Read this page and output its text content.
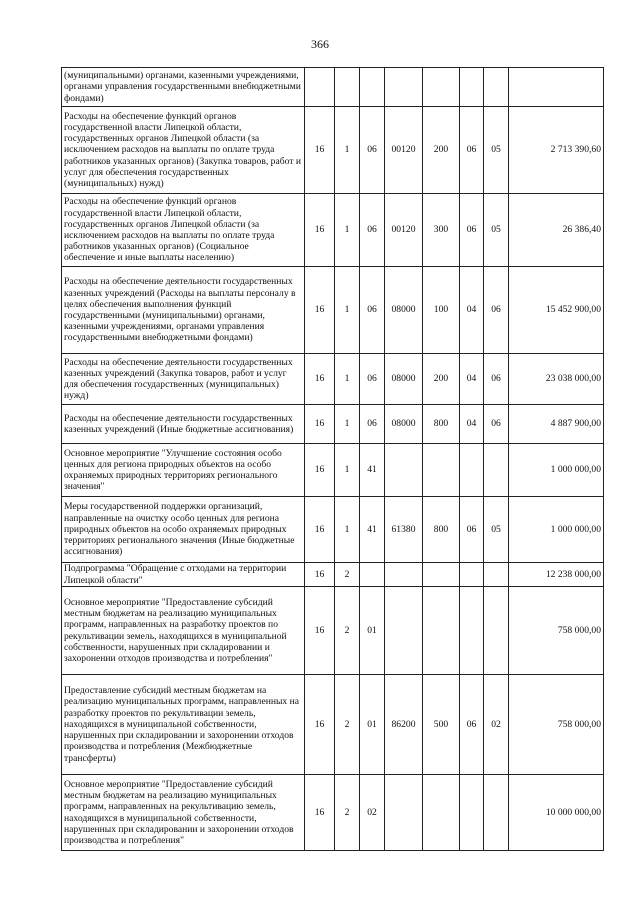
366
(муниципальными) органами, казенными учреждениями, органами управления государственными внебюджетными фондами)								
Расходы на обеспечение функций органов государственной власти Липецкой области, государственных органов Липецкой области (за исключением расходов на выплаты по оплате труда работников указанных органов) (Закупка товаров, работ и услуг для обеспечения государственных (муниципальных) нужд)	16	1	06	00120	200	06	05	2 713 390,60
Расходы на обеспечение функций органов государственной власти Липецкой области, государственных органов Липецкой области (за исключением расходов на выплаты по оплате труда работников указанных органов) (Социальное обеспечение и иные выплаты населению)	16	1	06	00120	300	06	05	26 386,40
Расходы на обеспечение деятельности государственных казенных учреждений (Расходы на выплаты персоналу в целях обеспечения выполнения функций государственными (муниципальными) органами, казенными учреждениями, органами управления государственными внебюджетными фондами)	16	1	06	08000	100	04	06	15 452 900,00
Расходы на обеспечение деятельности государственных казенных учреждений (Закупка товаров, работ и услуг для обеспечения государственных (муниципальных) нужд)	16	1	06	08000	200	04	06	23 038 000,00
Расходы на обеспечение деятельности государственных казенных учреждений (Иные бюджетные ассигнования)	16	1	06	08000	800	04	06	4 887 900,00
Основное мероприятие "Улучшение состояния особо ценных для региона природных объектов на особо охраняемых природных территориях регионального значения"	16	1	41					1 000 000,00
Меры государственной поддержки организаций, направленные на очистку особо ценных для региона природных объектов на особо охраняемых природных территориях регионального значения (Иные бюджетные ассигнования)	16	1	41	61380	800	06	05	1 000 000,00
Подпрограмма "Обращение с отходами на территории Липецкой области"	16	2						12 238 000,00
Основное мероприятие "Предоставление субсидий местным бюджетам на реализацию муниципальных программ, направленных на разработку проектов по рекультивации земель, находящихся в муниципальной собственности, нарушенных при складировании и захоронении отходов производства и потребления"	16	2	01					758 000,00
Предоставление субсидий местным бюджетам на реализацию муниципальных программ, направленных на разработку проектов по рекультивации земель, находящихся в муниципальной собственности, нарушенных при складировании и захоронении отходов производства и потребления (Межбюджетные трансферты)	16	2	01	86200	500	06	02	758 000,00
Основное мероприятие "Предоставление субсидий местным бюджетам на реализацию муниципальных программ, направленных на рекультивацию земель, находящихся в муниципальной собственности, нарушенных при складировании и захоронении отходов производства и потребления"	16	2	02					10 000 000,00
